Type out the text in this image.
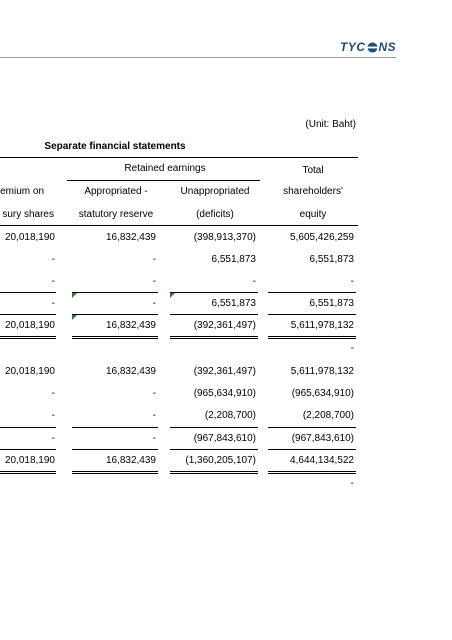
TYC NS
(Unit: Baht)
Separate financial statements
Retained earnings	Total
emium on	Appropriated -	Unappropriated	shareholders'
sury shares	statutory reserve	(deficits)	equity
20,018,190	16,832,439	(398,913,370)	5,605,426,259
-	-	6,551,873	6,551,873
-	-	-	-
-	-	6,551,873	6,551,873
20,018,190	16,832,439	(392,361,497)	5,611,978,132
-
20,018,190	16,832,439	(392,361,497)	5,611,978,132
-	-	(965,634,910)	(965,634,910)
-	-	(2,208,700)	(2,208,700)
-	-	(967,843,610)	(967,843,610)
20,018,190	16,832,439	(1,360,205,107)	4,644,134,522
-
